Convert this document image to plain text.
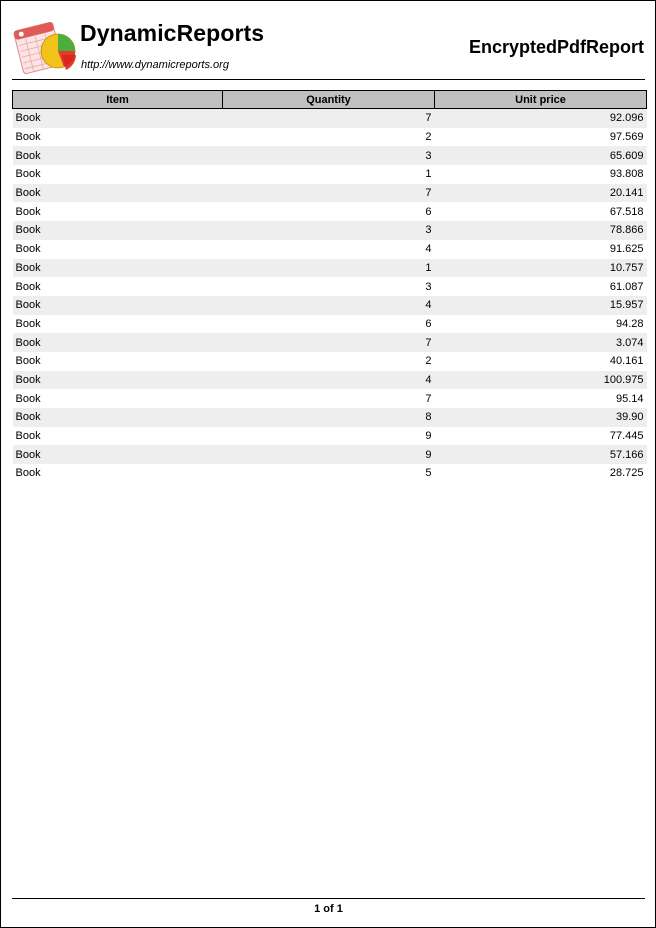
DynamicReports
http://www.dynamicreports.org
EncryptedPdfReport
Item	Quantity	Unit price
Book	7	92.096
Book	2	97.569
Book	3	65.609
Book	1	93.808
Book	7	20.141
Book	6	67.518
Book	3	78.866
Book	4	91.625
Book	1	10.757
Book	3	61.087
Book	4	15.957
Book	6	94.28
Book	7	3.074
Book	2	40.161
Book	4	100.975
Book	7	95.14
Book	8	39.90
Book	9	77.445
Book	9	57.166
Book	5	28.725
1 of 1
